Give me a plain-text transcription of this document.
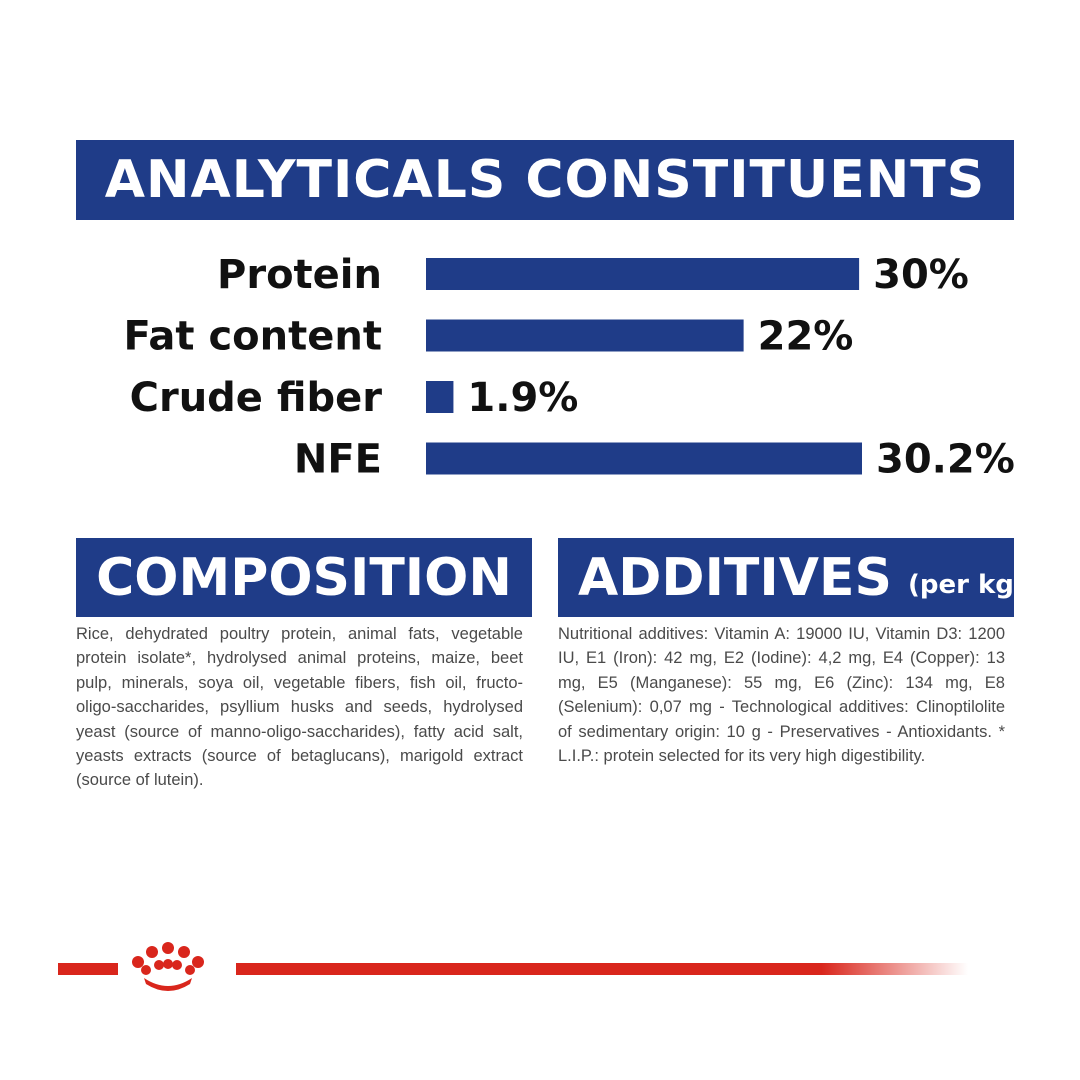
ANALYTICALS CONSTITUENTS
Protein
Fat content
Crude fiber
NFE
30%
22%
1.9%
30.2%
COMPOSITION ADDITIVES (per kg)

Rice, dehydrated poultry protein, animal fats, vegetable protein isolate*, hydrolysed animal proteins, maize, beet pulp, minerals, soya oil, vegetable fibers, fish oil, fructo- oligo-saccharides, psyllium husks and seeds, hydrolysed yeast (source of manno-oligo-saccharides), fatty acid salt, yeasts extracts (source of betaglucans), marigold extract (source of lutein).

Nutritional additives: Vitamin A: 19000 IU, Vitamin D3: 1200 IU, E1 (Iron): 42 mg, E2 (Iodine): 4,2 mg, E4 (Copper): 13 mg, E5 (Manganese): 55 mg, E6 (Zinc): 134 mg, E8 (Selenium): 0,07 mg - Technological additives: Clinoptilolite of sedimentary origin: 10 g - Preservatives - Antioxidants. * L.I.P.: protein selected for its very high digestibility.
